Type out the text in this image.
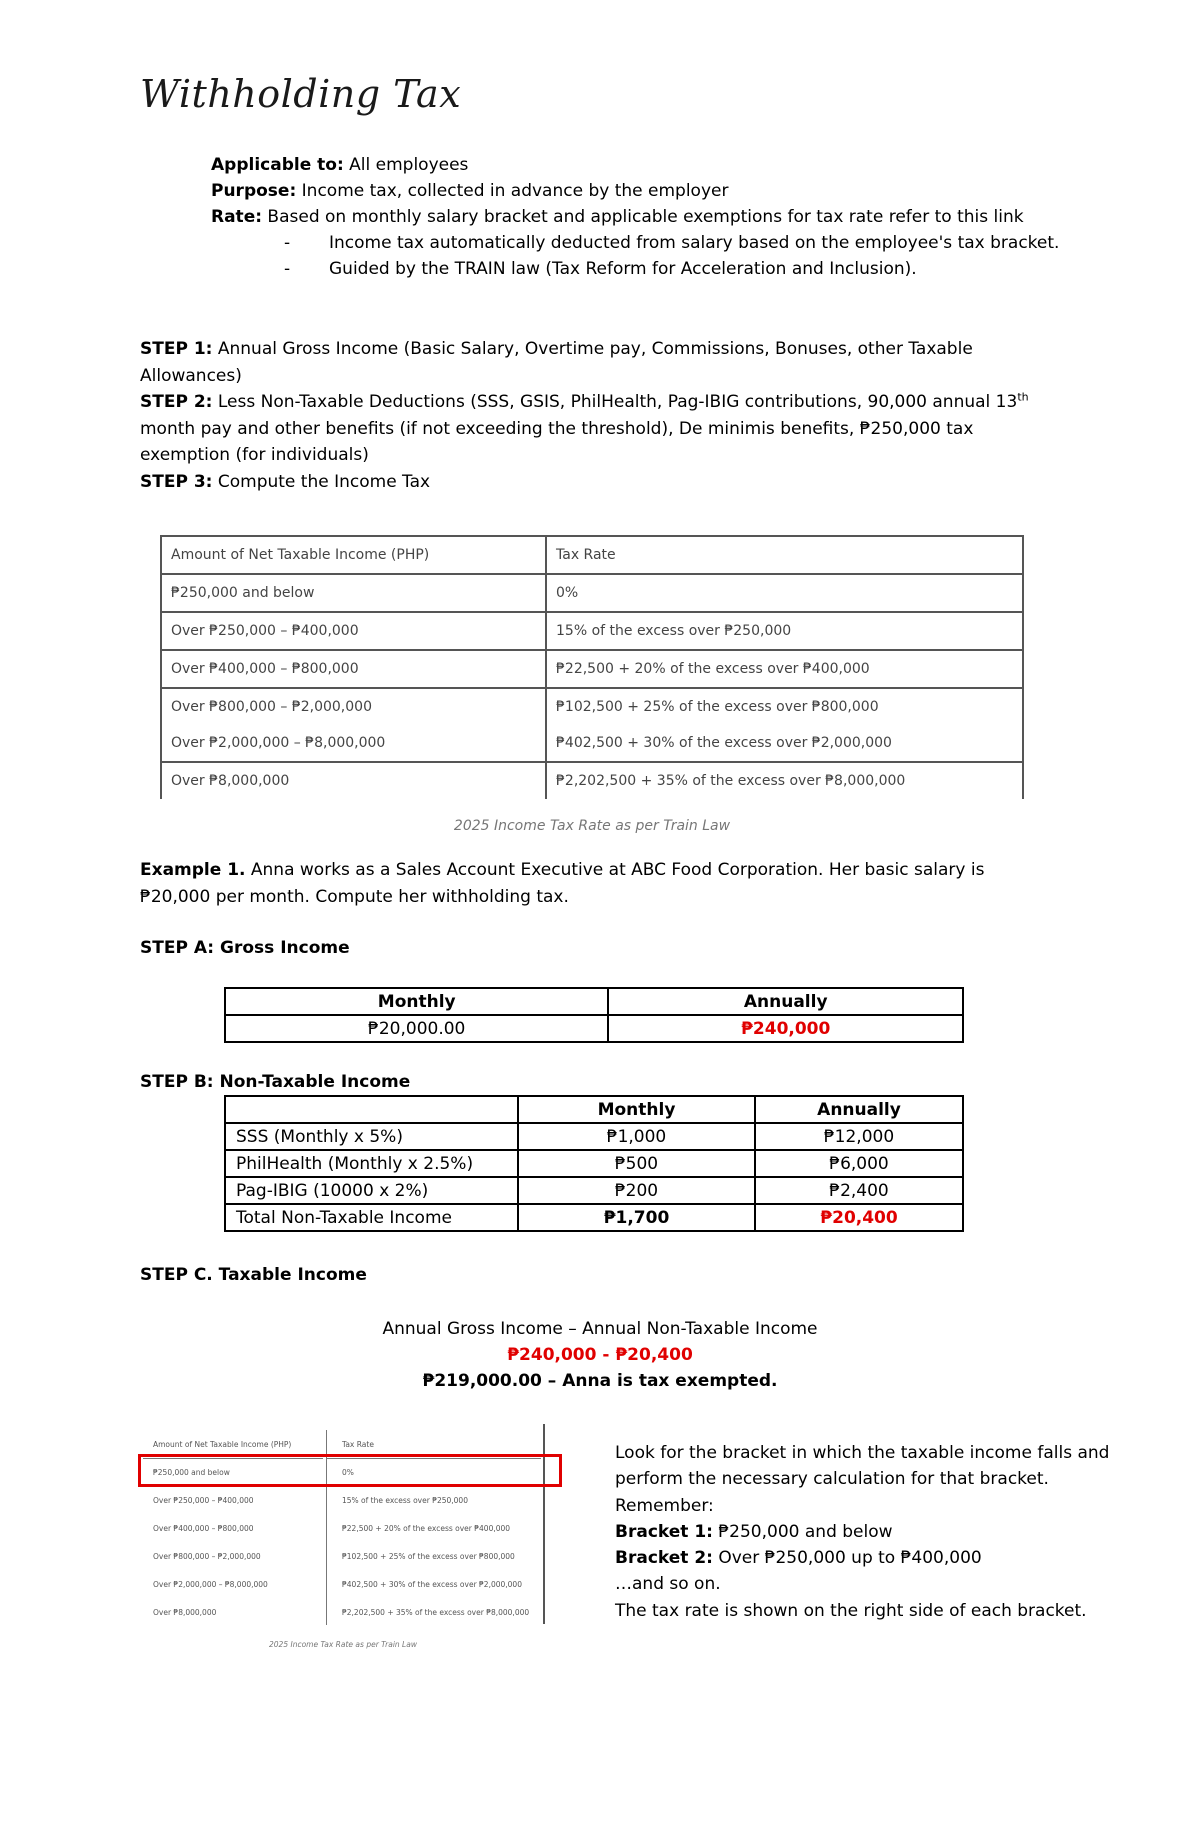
Withholding Tax

Applicable to: All employees

Purpose: Income tax, collected in advance by the employer

Rate: Based on monthly salary bracket and applicable exemptions for tax rate refer to this link

-	Income tax automatically deducted from salary based on the employee's tax bracket.
-	Guided by the TRAIN law (Tax Reform for Acceleration and Inclusion).

STEP 1: Annual Gross Income (Basic Salary, Overtime pay, Commissions, Bonuses, other Taxable Allowances)

STEP 2: Less Non-Taxable Deductions (SSS, GSIS, PhilHealth, Pag-IBIG contributions, 90,000 annual 13th month pay and other benefits (if not exceeding the threshold), De minimis benefits, ₱250,000 tax exemption (for individuals)

STEP 3: Compute the Income Tax

Amount of Net Taxable Income (PHP)	Tax Rate
₱250,000 and below	0%
Over ₱250,000 – ₱400,000	15% of the excess over ₱250,000
Over ₱400,000 – ₱800,000	₱22,500 + 20% of the excess over ₱400,000
Over ₱800,000 – ₱2,000,000	₱102,500 + 25% of the excess over ₱800,000
Over ₱2,000,000 – ₱8,000,000	₱402,500 + 30% of the excess over ₱2,000,000
Over ₱8,000,000	₱2,202,500 + 35% of the excess over ₱8,000,000
2025 Income Tax Rate as per Train Law

Example 1. Anna works as a Sales Account Executive at ABC Food Corporation. Her basic salary is ₱20,000 per month. Compute her withholding tax.

STEP A: Gross Income
Monthly	Annually
₱20,000.00	₱240,000
STEP B: Non-Taxable Income
	Monthly	Annually
SSS (Monthly x 5%)	₱1,000	₱12,000
PhilHealth (Monthly x 2.5%)	₱500	₱6,000
Pag-IBIG (10000 x 2%)	₱200	₱2,400
Total Non-Taxable Income	₱1,700	₱20,400
STEP C. Taxable Income

Annual Gross Income – Annual Non-Taxable Income

₱240,000 - ₱20,400

₱219,000.00 – Anna is tax exempted.

Amount of Net Taxable Income (PHP)	Tax Rate
₱250,000 and below	0%
Over ₱250,000 – ₱400,000	15% of the excess over ₱250,000
Over ₱400,000 – ₱800,000	₱22,500 + 20% of the excess over ₱400,000
Over ₱800,000 – ₱2,000,000	₱102,500 + 25% of the excess over ₱800,000
Over ₱2,000,000 – ₱8,000,000	₱402,500 + 30% of the excess over ₱2,000,000
Over ₱8,000,000	₱2,202,500 + 35% of the excess over ₱8,000,000
2025 Income Tax Rate as per Train Law

Look for the bracket in which the taxable income falls and perform the necessary calculation for that bracket.

Remember:

Bracket 1: ₱250,000 and below

Bracket 2: Over ₱250,000 up to ₱400,000

…and so on.

The tax rate is shown on the right side of each bracket.
